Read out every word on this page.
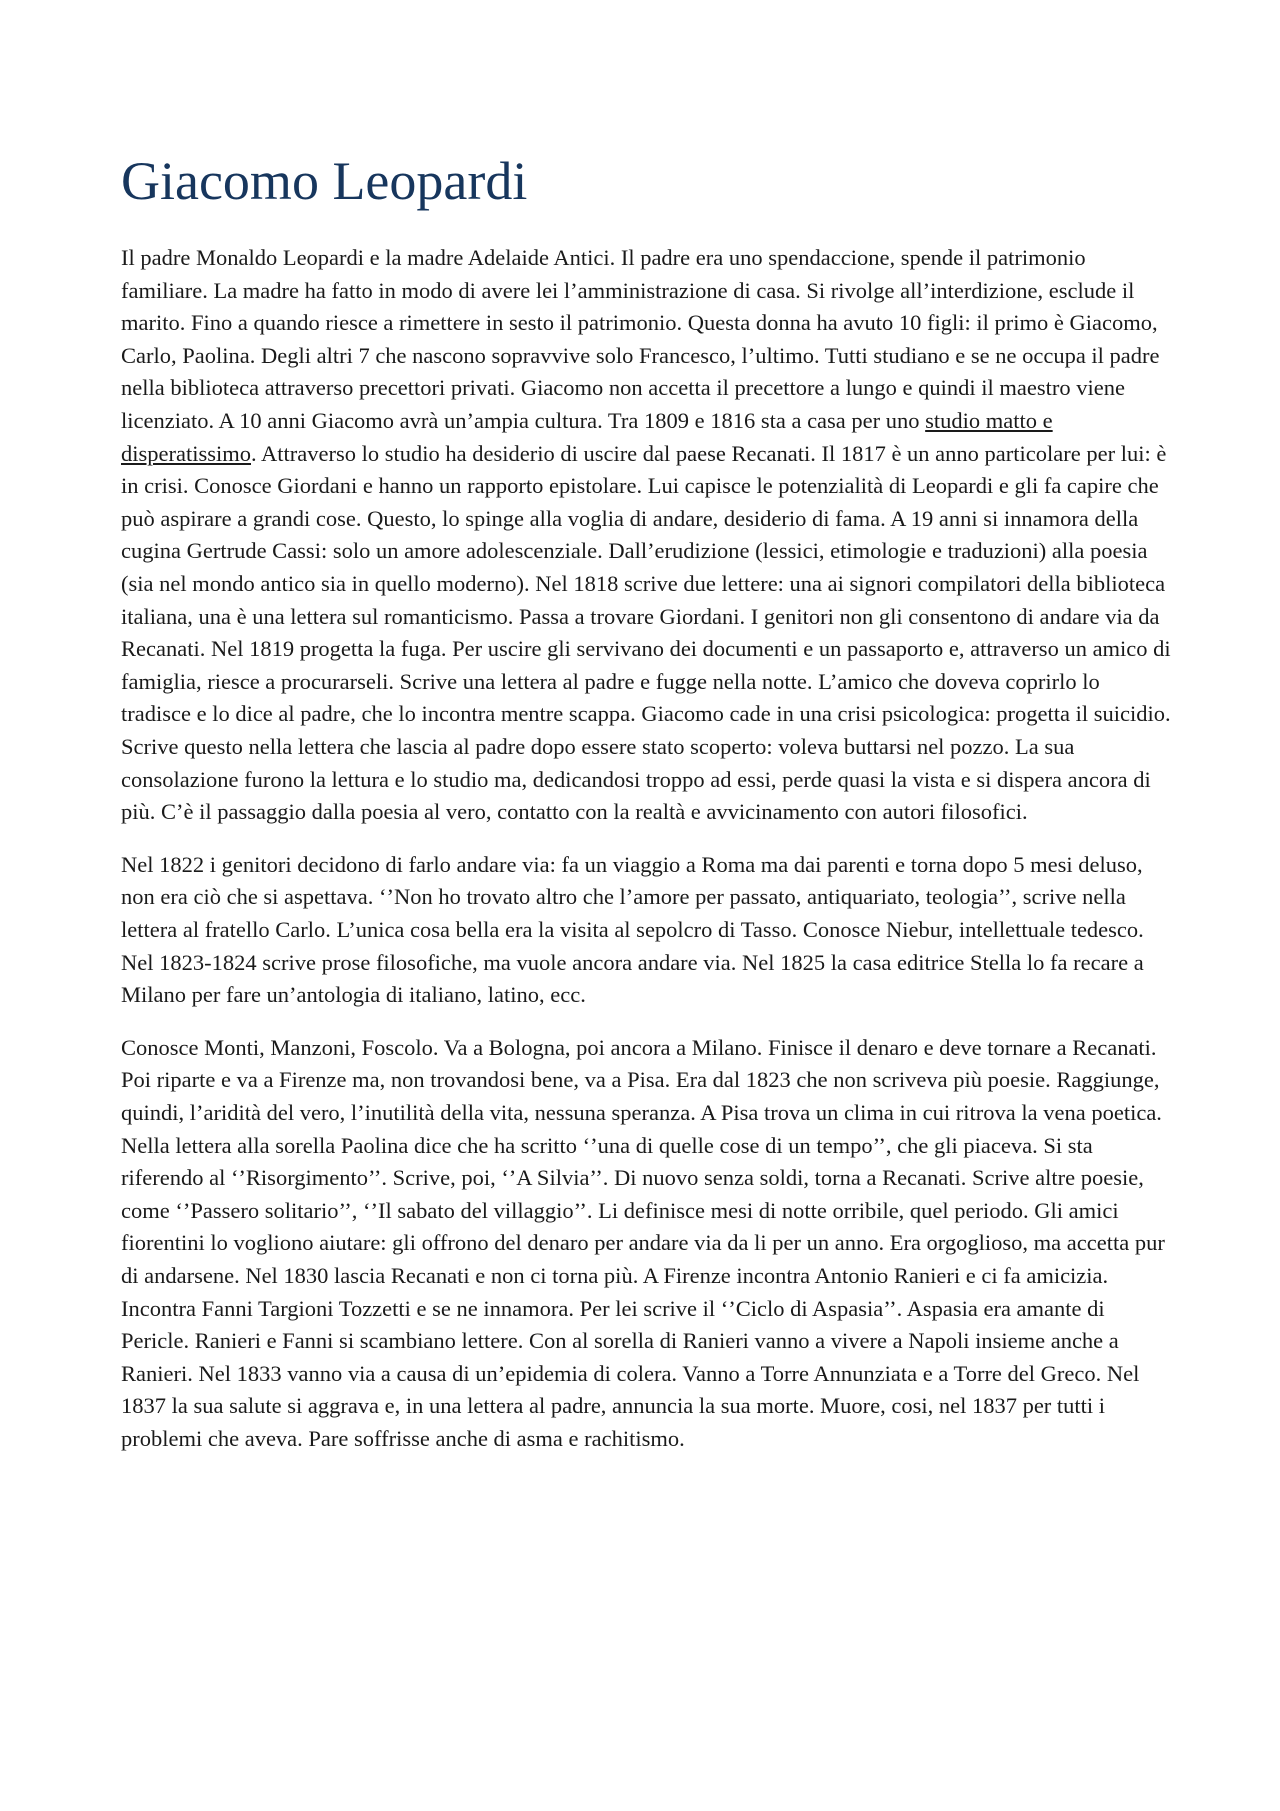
Giacomo Leopardi

Il padre Monaldo Leopardi e la madre Adelaide Antici. Il padre era uno spendaccione, spende il patrimonio familiare. La madre ha fatto in modo di avere lei l’amministrazione di casa. Si rivolge all’interdizione, esclude il marito. Fino a quando riesce a rimettere in sesto il patrimonio. Questa donna ha avuto 10 figli: il primo è Giacomo, Carlo, Paolina. Degli altri 7 che nascono sopravvive solo Francesco, l’ultimo. Tutti studiano e se ne occupa il padre nella biblioteca attraverso precettori privati. Giacomo non accetta il precettore a lungo e quindi il maestro viene licenziato. A 10 anni Giacomo avrà un’ampia cultura. Tra 1809 e 1816 sta a casa per uno studio matto e disperatissimo. Attraverso lo studio ha desiderio di uscire dal paese Recanati. Il 1817 è un anno particolare per lui: è in crisi. Conosce Giordani e hanno un rapporto epistolare. Lui capisce le potenzialità di Leopardi e gli fa capire che può aspirare a grandi cose. Questo, lo spinge alla voglia di andare, desiderio di fama. A 19 anni si innamora della cugina Gertrude Cassi: solo un amore adolescenziale. Dall’erudizione (lessici, etimologie e traduzioni) alla poesia (sia nel mondo antico sia in quello moderno). Nel 1818 scrive due lettere: una ai signori compilatori della biblioteca italiana, una è una lettera sul romanticismo. Passa a trovare Giordani. I genitori non gli consentono di andare via da Recanati. Nel 1819 progetta la fuga. Per uscire gli servivano dei documenti e un passaporto e, attraverso un amico di famiglia, riesce a procurarseli. Scrive una lettera al padre e fugge nella notte. L’amico che doveva coprirlo lo tradisce e lo dice al padre, che lo incontra mentre scappa. Giacomo cade in una crisi psicologica: progetta il suicidio. Scrive questo nella lettera che lascia al padre dopo essere stato scoperto: voleva buttarsi nel pozzo. La sua consolazione furono la lettura e lo studio ma, dedicandosi troppo ad essi, perde quasi la vista e si dispera ancora di più. C’è il passaggio dalla poesia al vero, contatto con la realtà e avvicinamento con autori filosofici.

Nel 1822 i genitori decidono di farlo andare via: fa un viaggio a Roma ma dai parenti e torna dopo 5 mesi deluso, non era ciò che si aspettava. ‘’Non ho trovato altro che l’amore per passato, antiquariato, teologia’’, scrive nella lettera al fratello Carlo. L’unica cosa bella era la visita al sepolcro di Tasso. Conosce Niebur, intellettuale tedesco. Nel 1823-1824 scrive prose filosofiche, ma vuole ancora andare via. Nel 1825 la casa editrice Stella lo fa recare a Milano per fare un’antologia di italiano, latino, ecc.

Conosce Monti, Manzoni, Foscolo. Va a Bologna, poi ancora a Milano. Finisce il denaro e deve tornare a Recanati. Poi riparte e va a Firenze ma, non trovandosi bene, va a Pisa. Era dal 1823 che non scriveva più poesie. Raggiunge, quindi, l’aridità del vero, l’inutilità della vita, nessuna speranza. A Pisa trova un clima in cui ritrova la vena poetica. Nella lettera alla sorella Paolina dice che ha scritto ‘’una di quelle cose di un tempo’’, che gli piaceva. Si sta riferendo al ‘’Risorgimento’’. Scrive, poi, ‘’A Silvia’’. Di nuovo senza soldi, torna a Recanati. Scrive altre poesie, come ‘’Passero solitario’’, ‘’Il sabato del villaggio’’. Li definisce mesi di notte orribile, quel periodo. Gli amici fiorentini lo vogliono aiutare: gli offrono del denaro per andare via da li per un anno. Era orgoglioso, ma accetta pur di andarsene. Nel 1830 lascia Recanati e non ci torna più. A Firenze incontra Antonio Ranieri e ci fa amicizia. Incontra Fanni Targioni Tozzetti e se ne innamora. Per lei scrive il ‘’Ciclo di Aspasia’’. Aspasia era amante di Pericle. Ranieri e Fanni si scambiano lettere. Con al sorella di Ranieri vanno a vivere a Napoli insieme anche a Ranieri. Nel 1833 vanno via a causa di un’epidemia di colera. Vanno a Torre Annunziata e a Torre del Greco. Nel 1837 la sua salute si aggrava e, in una lettera al padre, annuncia la sua morte. Muore, cosi, nel 1837 per tutti i problemi che aveva. Pare soffrisse anche di asma e rachitismo.
